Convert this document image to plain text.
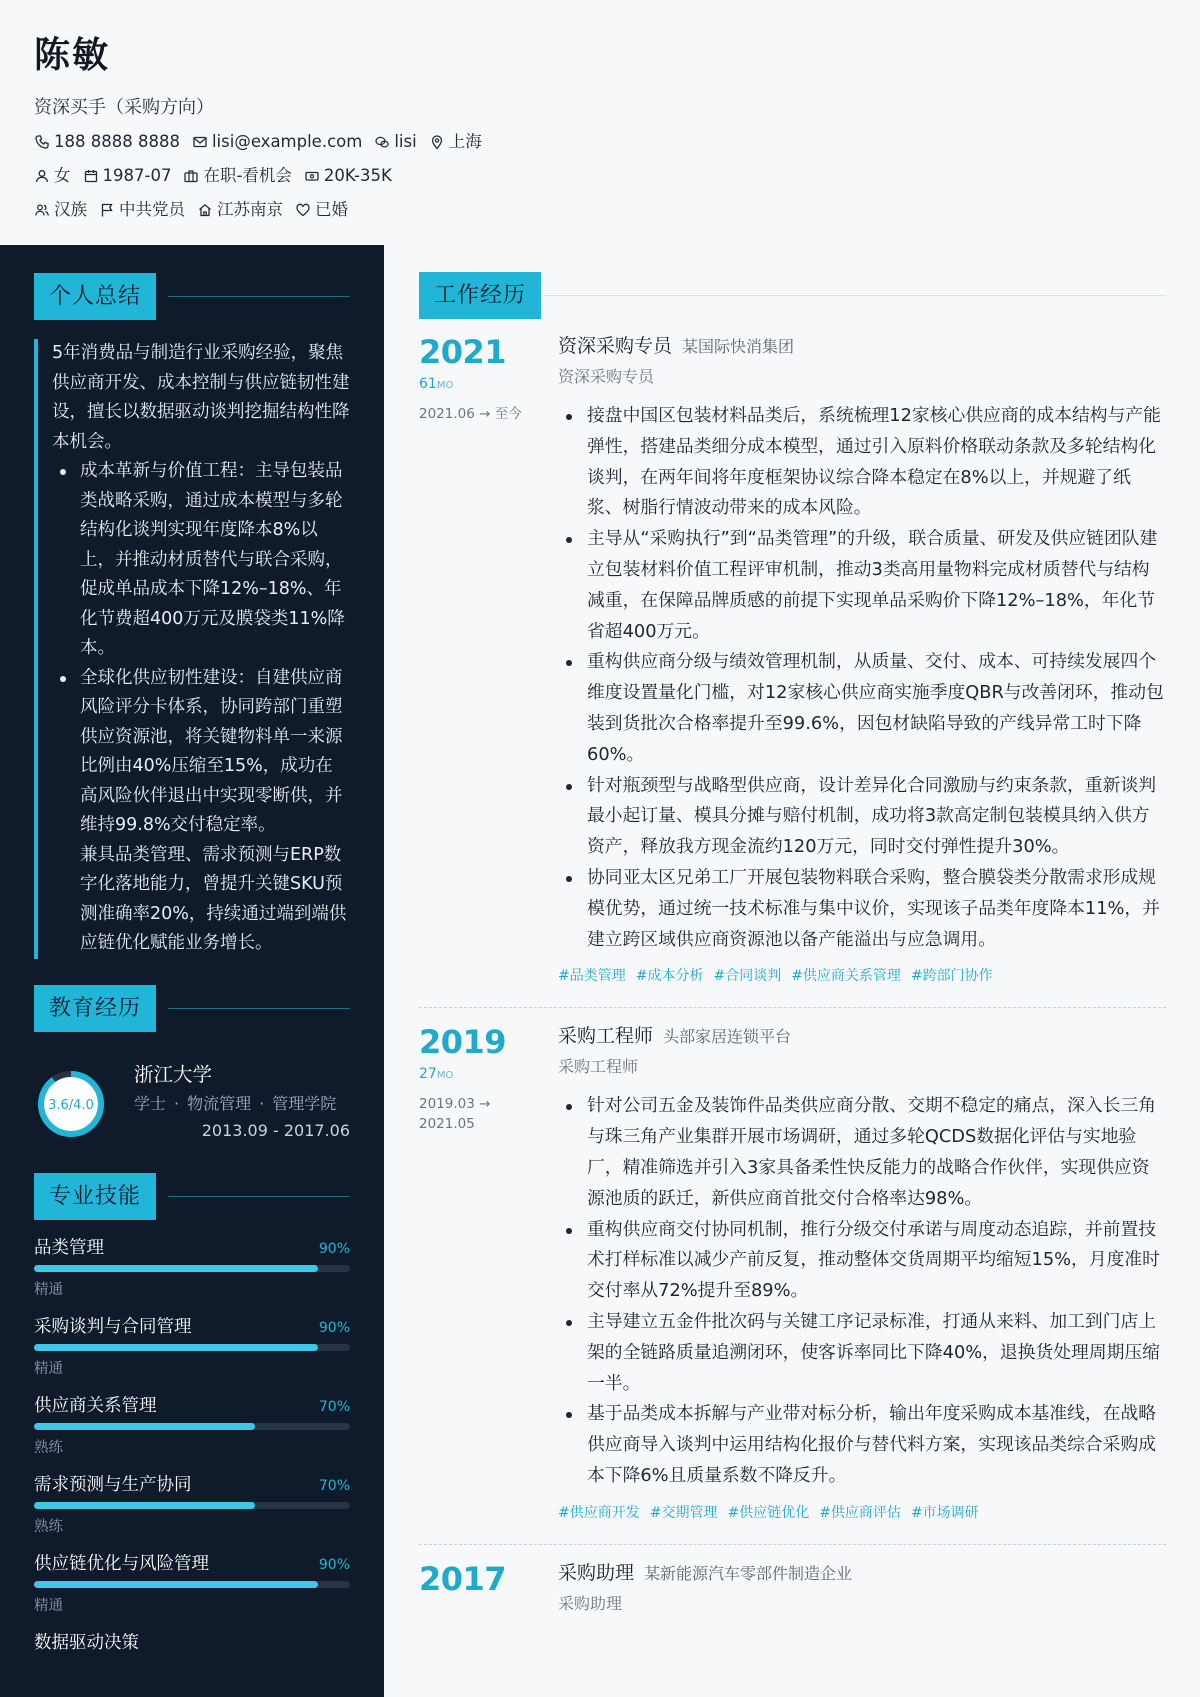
陈敏
资深买手（采购方向）
188 8888 8888 lisi@example.com lisi 上海
女 1987-07 在职-看机会 20K-35K
汉族 中共党员 江苏南京 已婚
个人总结

5年消费品与制造行业采购经验，聚焦供应商开发、成本控制与供应链韧性建设，擅长以数据驱动谈判挖掘结构性降本机会。

成本革新与价值工程：主导包装品类战略采购，通过成本模型与多轮结构化谈判实现年度降本8%以上，并推动材质替代与联合采购，促成单品成本下降12%–18%、年化节费超400万元及膜袋类11%降本。
全球化供应韧性建设：自建供应商风险评分卡体系，协同跨部门重塑供应资源池，将关键物料单一来源比例由40%压缩至15%，成功在高风险伙伴退出中实现零断供，并维持99.8%交付稳定率。
兼具品类管理、需求预测与ERP数字化落地能力，曾提升关键SKU预测准确率20%，持续通过端到端供应链优化赋能业务增长。
教育经历
3.6/4.0
浙江大学
学士 · 物流管理 · 管理学院
2013.09 - 2017.06
专业技能
品类管理	90%
精通
采购谈判与合同管理	90%
精通
供应商关系管理	70%
熟练
需求预测与生产协同	70%
熟练
供应链优化与风险管理	90%
精通
数据驱动决策
工作经历
2021
61MO
2021.06 → 至今
资深采购专员 某国际快消集团
资深采购专员
接盘中国区包装材料品类后，系统梳理12家核心供应商的成本结构与产能弹性，搭建品类细分成本模型，通过引入原料价格联动条款及多轮结构化谈判，在两年间将年度框架协议综合降本稳定在8%以上，并规避了纸浆、树脂行情波动带来的成本风险。
主导从“采购执行”到“品类管理”的升级，联合质量、研发及供应链团队建立包装材料价值工程评审机制，推动3类高用量物料完成材质替代与结构减重，在保障品牌质感的前提下实现单品采购价下降12%–18%，年化节省超400万元。
重构供应商分级与绩效管理机制，从质量、交付、成本、可持续发展四个维度设置量化门槛，对12家核心供应商实施季度QBR与改善闭环，推动包装到货批次合格率提升至99.6%，因包材缺陷导致的产线异常工时下降60%。
针对瓶颈型与战略型供应商，设计差异化合同激励与约束条款，重新谈判最小起订量、模具分摊与赔付机制，成功将3款高定制包装模具纳入供方资产，释放我方现金流约120万元，同时交付弹性提升30%。
协同亚太区兄弟工厂开展包装物料联合采购，整合膜袋类分散需求形成规模优势，通过统一技术标准与集中议价，实现该子品类年度降本11%，并建立跨区域供应商资源池以备产能溢出与应急调用。
#品类管理 #成本分析 #合同谈判 #供应商关系管理 #跨部门协作
2019
27MO
2019.03 → 2021.05
采购工程师 头部家居连锁平台
采购工程师
针对公司五金及装饰件品类供应商分散、交期不稳定的痛点，深入长三角与珠三角产业集群开展市场调研，通过多轮QCDS数据化评估与实地验厂，精准筛选并引入3家具备柔性快反能力的战略合作伙伴，实现供应资源池质的跃迁，新供应商首批交付合格率达98%。
重构供应商交付协同机制，推行分级交付承诺与周度动态追踪，并前置技术打样标准以减少产前反复，推动整体交货周期平均缩短15%，月度准时交付率从72%提升至89%。
主导建立五金件批次码与关键工序记录标准，打通从来料、加工到门店上架的全链路质量追溯闭环，使客诉率同比下降40%，退换货处理周期压缩一半。
基于品类成本拆解与产业带对标分析，输出年度采购成本基准线，在战略供应商导入谈判中运用结构化报价与替代料方案，实现该品类综合采购成本下降6%且质量系数不降反升。
#供应商开发 #交期管理 #供应链优化 #供应商评估 #市场调研
2017	采购助理 某新能源汽车零部件制造企业
采购助理
